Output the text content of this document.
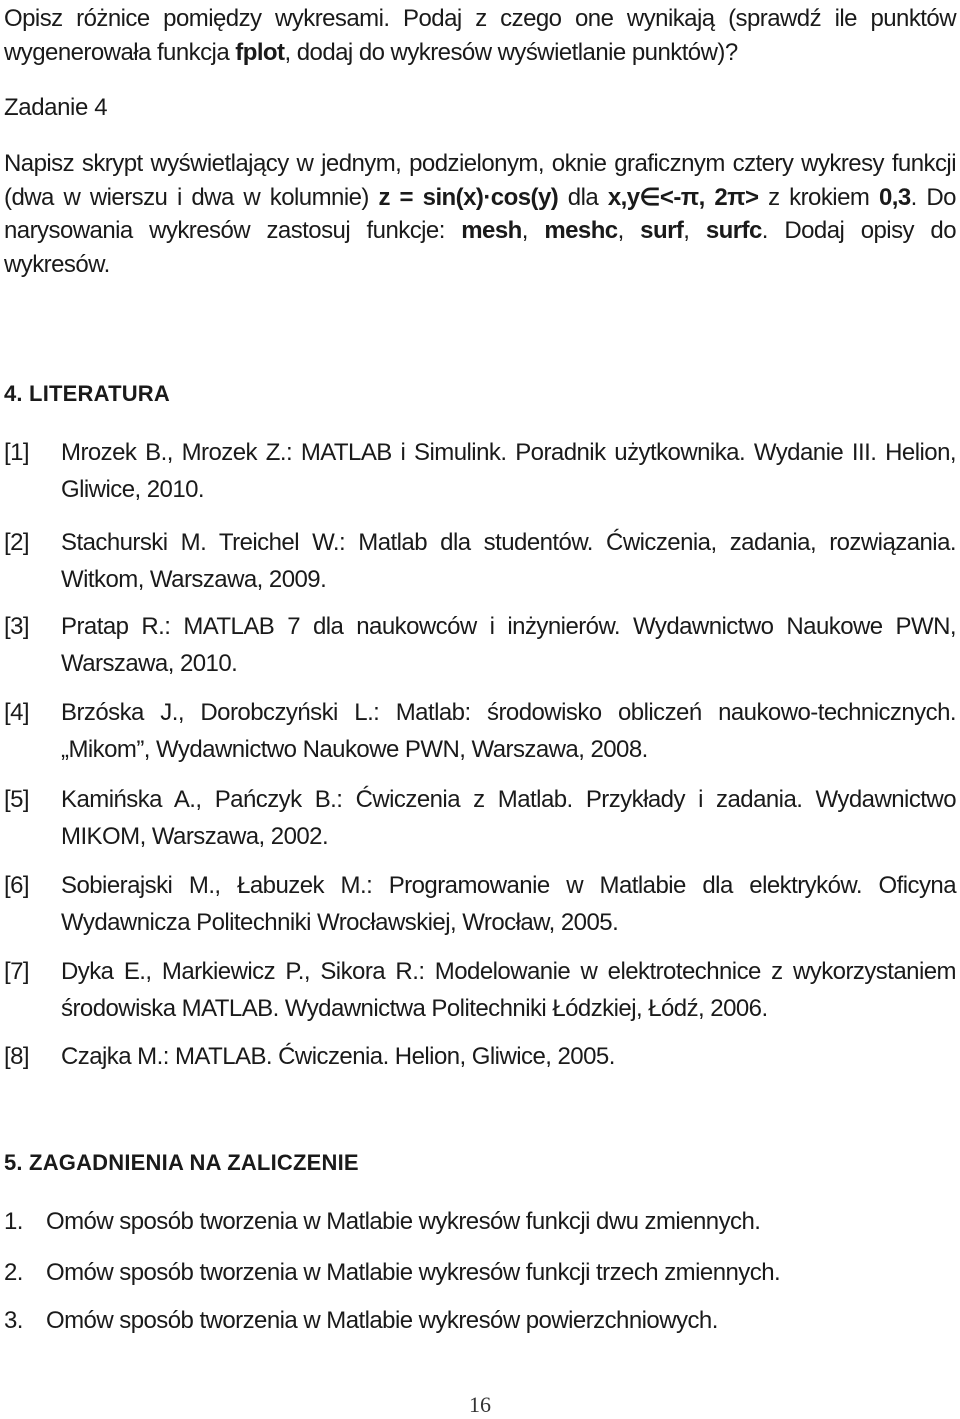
Opisz różnice pomiędzy wykresami. Podaj z czego one wynikają (sprawdź ile punktów wygenerowała funkcja fplot, dodaj do wykresów wyświetlanie punktów)?

Zadanie 4

Napisz skrypt wyświetlający w jednym, podzielonym, oknie graficznym cztery wykresy funkcji (dwa w wierszu i dwa w kolumnie) z = sin(x)·cos(y) dla x,y∈<-π, 2π> z krokiem 0,3. Do narysowania wykresów zastosuj funkcje: mesh, meshc, surf, surfc. Dodaj opisy do wykresów.

4. LITERATURA

[1] Mrozek B., Mrozek Z.: MATLAB i Simulink. Poradnik użytkownika. Wydanie III. Helion, Gliwice, 2010.
[2] Stachurski M. Treichel W.: Matlab dla studentów. Ćwiczenia, zadania, rozwiązania. Witkom, Warszawa, 2009.
[3] Pratap R.: MATLAB 7 dla naukowców i inżynierów. Wydawnictwo Naukowe PWN, Warszawa, 2010.
[4] Brzóska J., Dorobczyński L.: Matlab: środowisko obliczeń naukowo-technicznych. „Mikom”, Wydawnictwo Naukowe PWN, Warszawa, 2008.
[5] Kamińska A., Pańczyk B.: Ćwiczenia z Matlab. Przykłady i zadania. Wydawnictwo MIKOM, Warszawa, 2002.
[6] Sobierajski M., Łabuzek M.: Programowanie w Matlabie dla elektryków. Oficyna Wydawnicza Politechniki Wrocławskiej, Wrocław, 2005.
[7] Dyka E., Markiewicz P., Sikora R.: Modelowanie w elektrotechnice z wykorzystaniem środowiska MATLAB. Wydawnictwa Politechniki Łódzkiej, Łódź, 2006.
[8] Czajka M.: MATLAB. Ćwiczenia. Helion, Gliwice, 2005.

5. ZAGADNIENIA NA ZALICZENIE

1. Omów sposób tworzenia w Matlabie wykresów funkcji dwu zmiennych.
2. Omów sposób tworzenia w Matlabie wykresów funkcji trzech zmiennych.
3. Omów sposób tworzenia w Matlabie wykresów powierzchniowych.
16
